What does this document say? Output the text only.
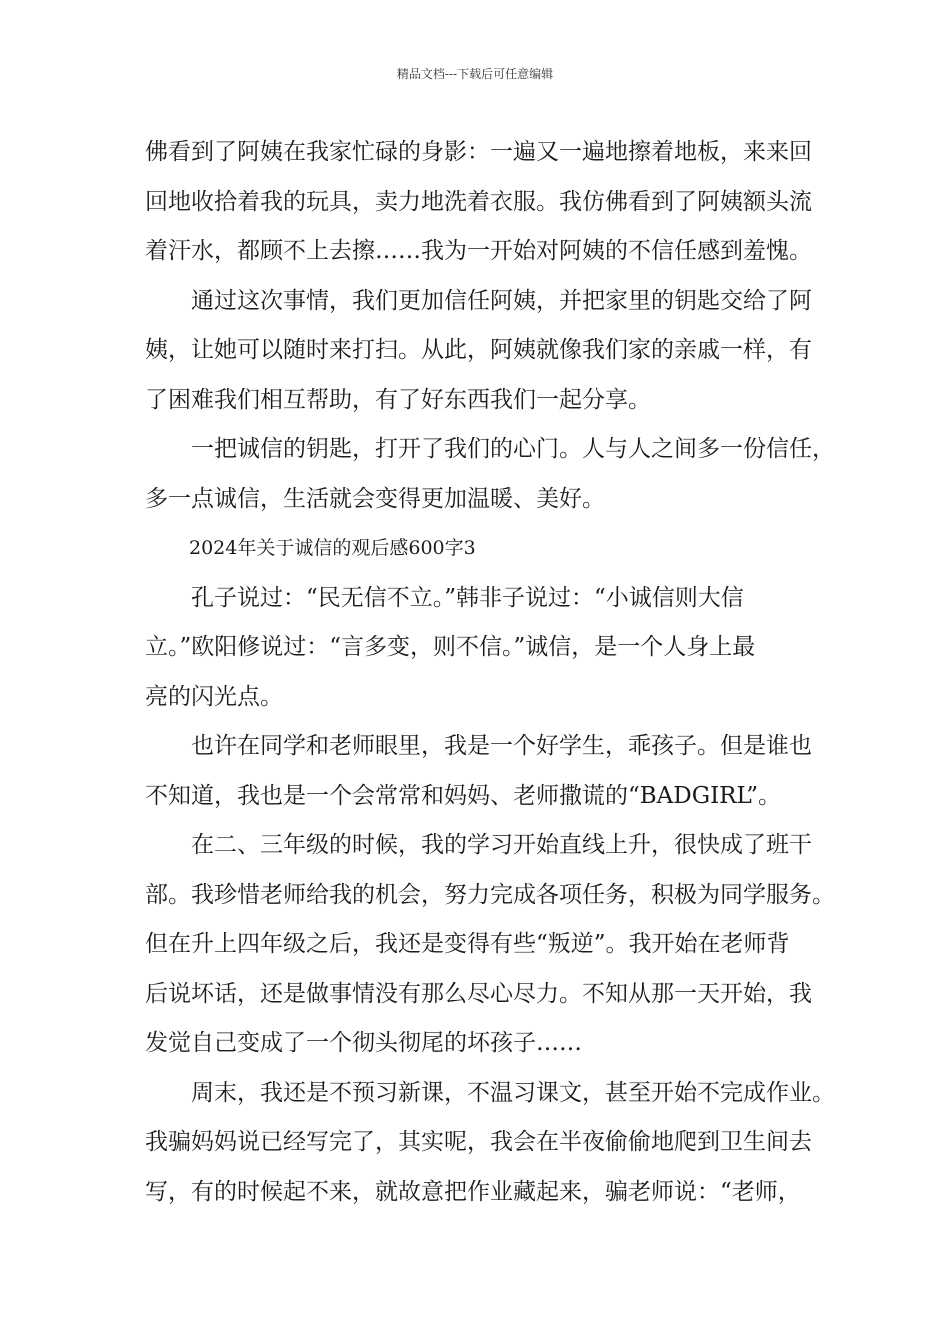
精品文档---下载后可任意编辑
佛看到了阿姨在我家忙碌的身影：一遍又一遍地擦着地板，来来回
回地收拾着我的玩具，卖力地洗着衣服。我仿佛看到了阿姨额头流
着汗水，都顾不上去擦……我为一开始对阿姨的不信任感到羞愧。
通过这次事情，我们更加信任阿姨，并把家里的钥匙交给了阿
姨，让她可以随时来打扫。从此，阿姨就像我们家的亲戚一样，有
了困难我们相互帮助，有了好东西我们一起分享。
一把诚信的钥匙，打开了我们的心门。人与人之间多一份信任，
多一点诚信，生活就会变得更加温暖、美好。
2024年关于诚信的观后感600字3
孔子说过：“民无信不立。”韩非子说过：“小诚信则大信
立。”欧阳修说过：“言多变，则不信。”诚信，是一个人身上最
亮的闪光点。
也许在同学和老师眼里，我是一个好学生，乖孩子。但是谁也
不知道，我也是一个会常常和妈妈、老师撒谎的“BADGIRL”。
在二、三年级的时候，我的学习开始直线上升，很快成了班干
部。我珍惜老师给我的机会，努力完成各项任务，积极为同学服务。
但在升上四年级之后，我还是变得有些“叛逆”。我开始在老师背
后说坏话，还是做事情没有那么尽心尽力。不知从那一天开始，我
发觉自己变成了一个彻头彻尾的坏孩子……
周末，我还是不预习新课，不温习课文，甚至开始不完成作业。
我骗妈妈说已经写完了，其实呢，我会在半夜偷偷地爬到卫生间去
写，有的时候起不来，就故意把作业藏起来，骗老师说：“老师，
